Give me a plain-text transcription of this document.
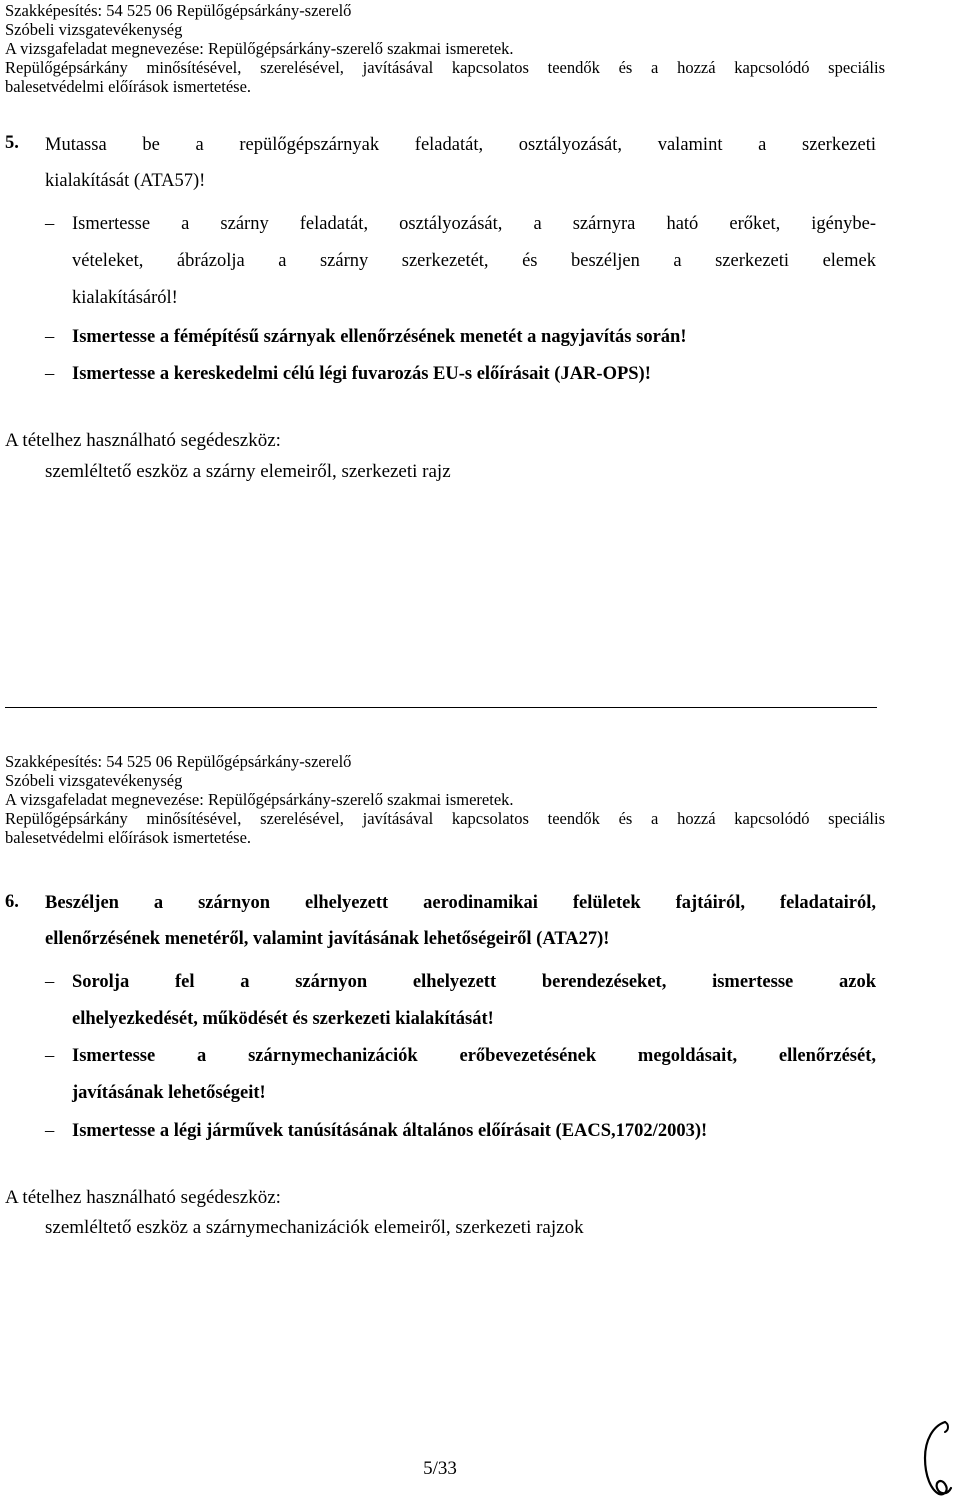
Szakképesítés: 54 525 06 Repülőgépsárkány-szerelő
Szóbeli vizsgatevékenység
A vizsgafeladat megnevezése: Repülőgépsárkány-szerelő szakmai ismeretek.
Repülőgépsárkány minősítésével, szerelésével, javításával kapcsolatos teendők és a hozzá kapcsolódó speciális
balesetvédelmi előírások ismertetése.
5. Mutassa be a repülőgépszárnyak feladatát, osztályozását, valamint a szerkezeti
kialakítását (ATA57)!
– Ismertesse a szárny feladatát, osztályozását, a szárnyra ható erőket, igénybe-
vételeket, ábrázolja a szárny szerkezetét, és beszéljen a szerkezeti elemek
kialakításáról!
– Ismertesse a fémépítésű szárnyak ellenőrzésének menetét a nagyjavítás során!
– Ismertesse a kereskedelmi célú légi fuvarozás EU-s előírásait (JAR-OPS)!
A tételhez használható segédeszköz:
szemléltető eszköz a szárny elemeiről, szerkezeti rajz
Szakképesítés: 54 525 06 Repülőgépsárkány-szerelő
Szóbeli vizsgatevékenység
A vizsgafeladat megnevezése: Repülőgépsárkány-szerelő szakmai ismeretek.
Repülőgépsárkány minősítésével, szerelésével, javításával kapcsolatos teendők és a hozzá kapcsolódó speciális
balesetvédelmi előírások ismertetése.
6. Beszéljen a szárnyon elhelyezett aerodinamikai felületek fajtáiról, feladatairól,
ellenőrzésének menetéről, valamint javításának lehetőségeiről (ATA27)!
– Sorolja fel a szárnyon elhelyezett berendezéseket, ismertesse azok
elhelyezkedését, működését és szerkezeti kialakítását!
– Ismertesse a szárnymechanizációk erőbevezetésének megoldásait, ellenőrzését,
javításának lehetőségeit!
– Ismertesse a légi járművek tanúsításának általános előírásait (EACS,1702/2003)!
A tételhez használható segédeszköz:
szemléltető eszköz a szárnymechanizációk elemeiről, szerkezeti rajzok
5/33
